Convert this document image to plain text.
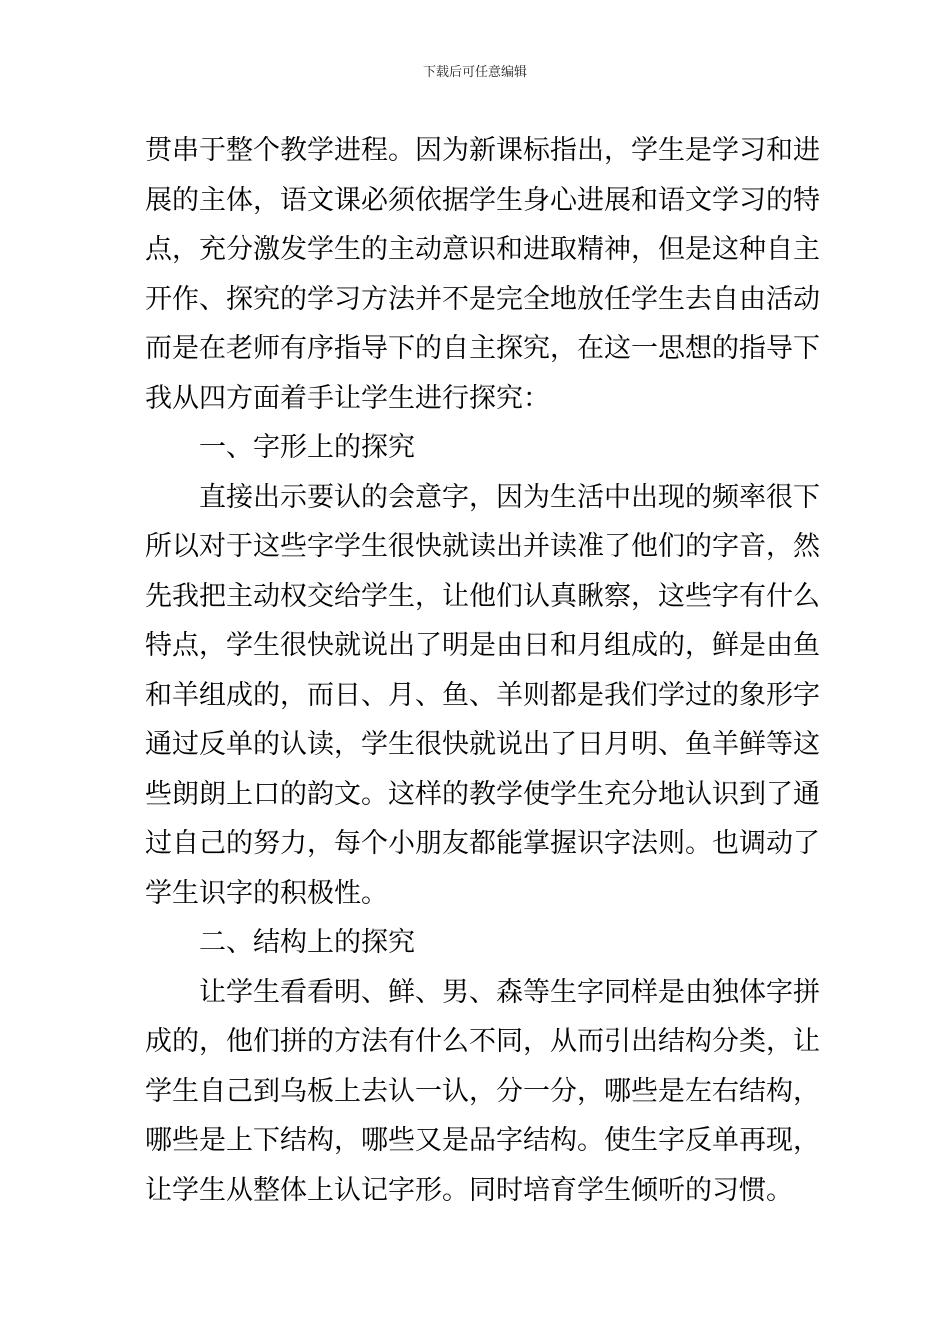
下载后可任意编辑
贯串于整个教学进程。因为新课标指出，学生是学习和进
展的主体，语文课必须依据学生身心进展和语文学习的特
点，充分激发学生的主动意识和进取精神，但是这种自主
开作、探究的学习方法并不是完全地放任学生去自由活动
而是在老师有序指导下的自主探究，在这一思想的指导下
我从四方面着手让学生进行探究：
一、字形上的探究
直接出示要认的会意字，因为生活中出现的频率很下
所以对于这些字学生很快就读出并读准了他们的字音，然
先我把主动权交给学生，让他们认真瞅察，这些字有什么
特点，学生很快就说出了明是由日和月组成的，鲜是由鱼
和羊组成的，而日、月、鱼、羊则都是我们学过的象形字
通过反单的认读，学生很快就说出了日月明、鱼羊鲜等这
些朗朗上口的韵文。这样的教学使学生充分地认识到了通
过自己的努力，每个小朋友都能掌握识字法则。也调动了
学生识字的积极性。
二、结构上的探究
让学生看看明、鲜、男、森等生字同样是由独体字拼
成的，他们拼的方法有什么不同，从而引出结构分类，让
学生自己到乌板上去认一认，分一分，哪些是左右结构，
哪些是上下结构，哪些又是品字结构。使生字反单再现，
让学生从整体上认记字形。同时培育学生倾听的习惯。
